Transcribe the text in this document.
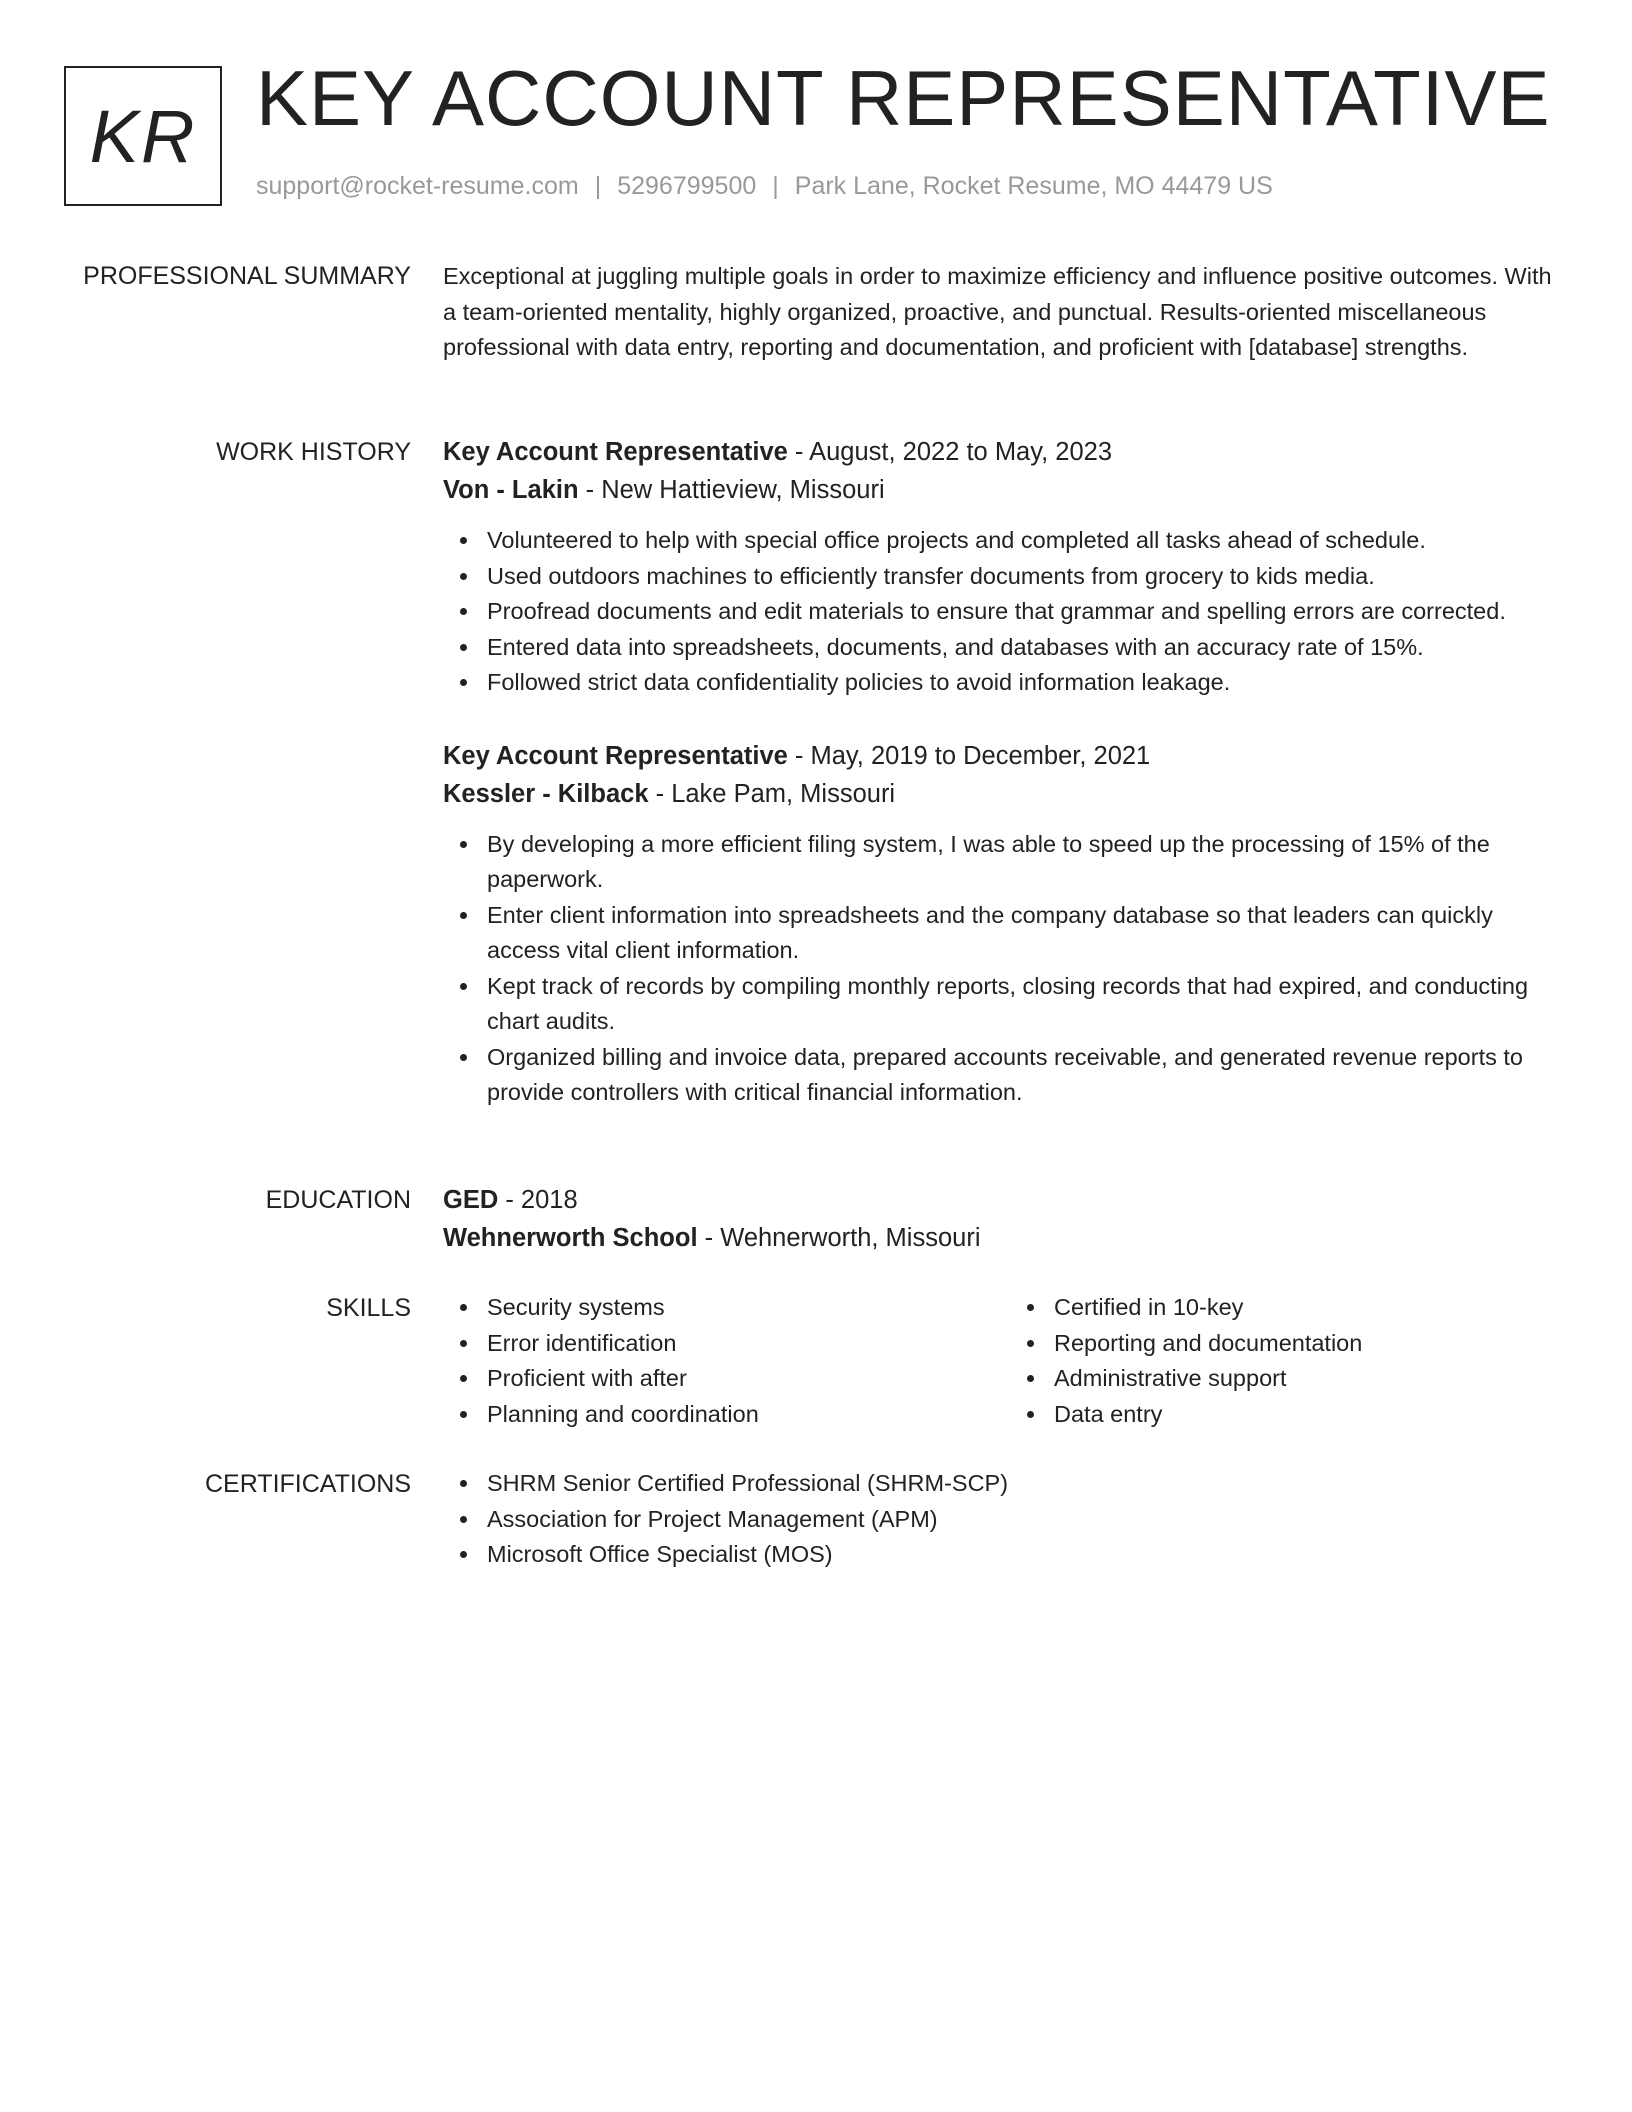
KR KEY ACCOUNT REPRESENTATIVE
support@rocket-resume.com | 5296799500 | Park Lane, Rocket Resume, MO 44479 US
PROFESSIONAL SUMMARY Exceptional at juggling multiple goals in order to maximize efficiency and influence positive outcomes. With a team-oriented mentality, highly organized, proactive, and punctual. Results-oriented miscellaneous professional with data entry, reporting and documentation, and proficient with [database] strengths.

WORK HISTORY Key Account Representative - August, 2022 to May, 2023
Von - Lakin - New Hattieview, Missouri
Volunteered to help with special office projects and completed all tasks ahead of schedule.
Used outdoors machines to efficiently transfer documents from grocery to kids media.
Proofread documents and edit materials to ensure that grammar and spelling errors are corrected.
Entered data into spreadsheets, documents, and databases with an accuracy rate of 15%.
Followed strict data confidentiality policies to avoid information leakage.
Key Account Representative - May, 2019 to December, 2021
Kessler - Kilback - Lake Pam, Missouri
By developing a more efficient filing system, I was able to speed up the processing of 15% of the paperwork.
Enter client information into spreadsheets and the company database so that leaders can quickly access vital client information.
Kept track of records by compiling monthly reports, closing records that had expired, and conducting chart audits.
Organized billing and invoice data, prepared accounts receivable, and generated revenue reports to provide controllers with critical financial information.
EDUCATION GED - 2018
Wehnerworth School - Wehnerworth, Missouri
SKILLS	Security systems
Error identification
Proficient with after
Planning and coordination
Certified in 10-key
Reporting and documentation
Administrative support
Data entry
CERTIFICATIONS	SHRM Senior Certified Professional (SHRM-SCP)
Association for Project Management (APM)
Microsoft Office Specialist (MOS)
